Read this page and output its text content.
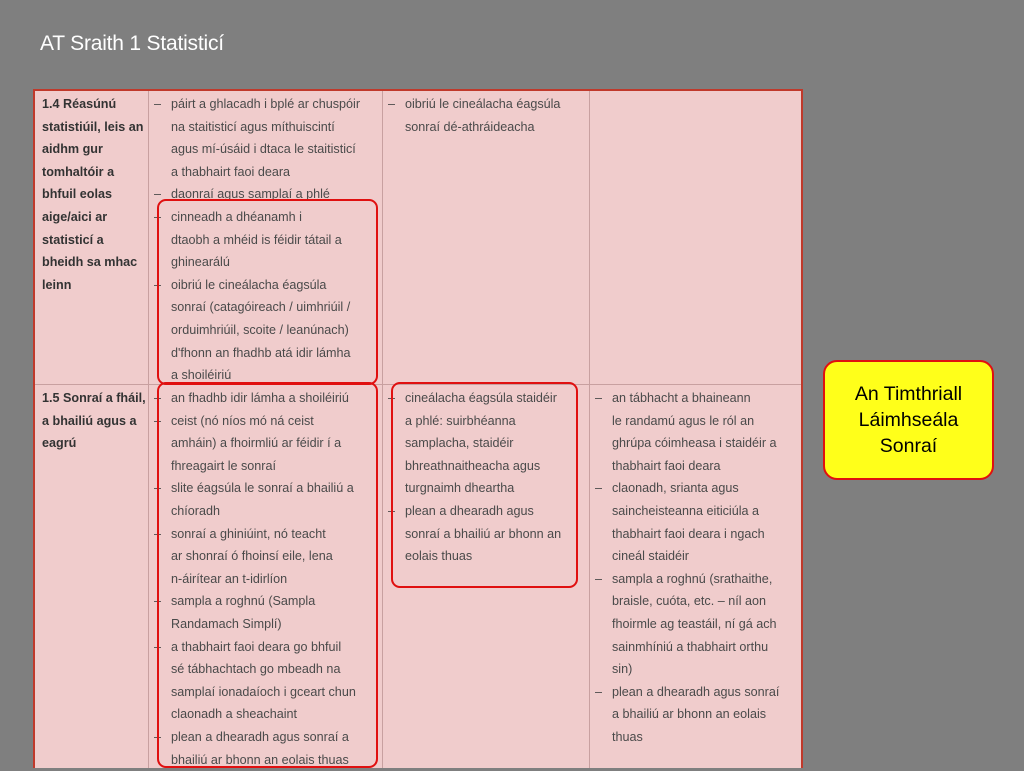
AT Sraith 1 Statisticí
1.4 Réasúnú statistiúil, leis an aidhm gur tomhaltóir a bhfuil eolas aige/aici ar statisticí a bheidh sa mhac leinn
– páirt a ghlacadh i bplé ar chuspóir
na staitisticí agus míthuiscintí
agus mí-úsáid i dtaca le staitisticí
a thabhairt faoi deara
– daonraí agus samplaí a phlé
– cinneadh a dhéanamh i
dtaobh a mhéid is féidir tátail a
ghinearálú
– oibriú le cineálacha éagsúla
sonraí (catagóireach / uimhriúil /
orduimhriúil, scoite / leanúnach)
d'fhonn an fhadhb atá idir lámha
a shoiléiriú
– oibriú le cineálacha éagsúla
sonraí dé-athráideacha
1.5 Sonraí a fháil, a bhailiú agus a eagrú
– an fhadhb idir lámha a shoiléiriú
– ceist (nó níos mó ná ceist
amháin) a fhoirmliú ar féidir í a
fhreagairt le sonraí
– slite éagsúla le sonraí a bhailiú a
chíoradh
– sonraí a ghiniúint, nó teacht
ar shonraí ó fhoinsí eile, lena
n-áirítear an t-idirlíon
– sampla a roghnú (Sampla
Randamach Simplí)
– a thabhairt faoi deara go bhfuil
sé tábhachtach go mbeadh na
samplaí ionadaíoch i gceart chun
claonadh a sheachaint
– plean a dhearadh agus sonraí a
bhailiú ar bhonn an eolais thuas
– cineálacha éagsúla staidéir
a phlé: suirbhéanna
samplacha, staidéir
bhreathnaitheacha agus
turgnaimh dheartha
– plean a dhearadh agus
sonraí a bhailiú ar bhonn an
eolais thuas
– an tábhacht a bhaineann
le randamú agus le ról an
ghrúpa cóimheasa i staidéir a
thabhairt faoi deara
– claonadh, srianta agus
saincheisteanna eiticiúla a
thabhairt faoi deara i ngach
cineál staidéir
– sampla a roghnú (srathaithe,
braisle, cuóta, etc. – níl aon
fhoirmle ag teastáil, ní gá ach
sainmhíniú a thabhairt orthu
sin)
– plean a dhearadh agus sonraí
a bhailiú ar bhonn an eolais
thuas
An Timthriall
Láimhseála
Sonraí
